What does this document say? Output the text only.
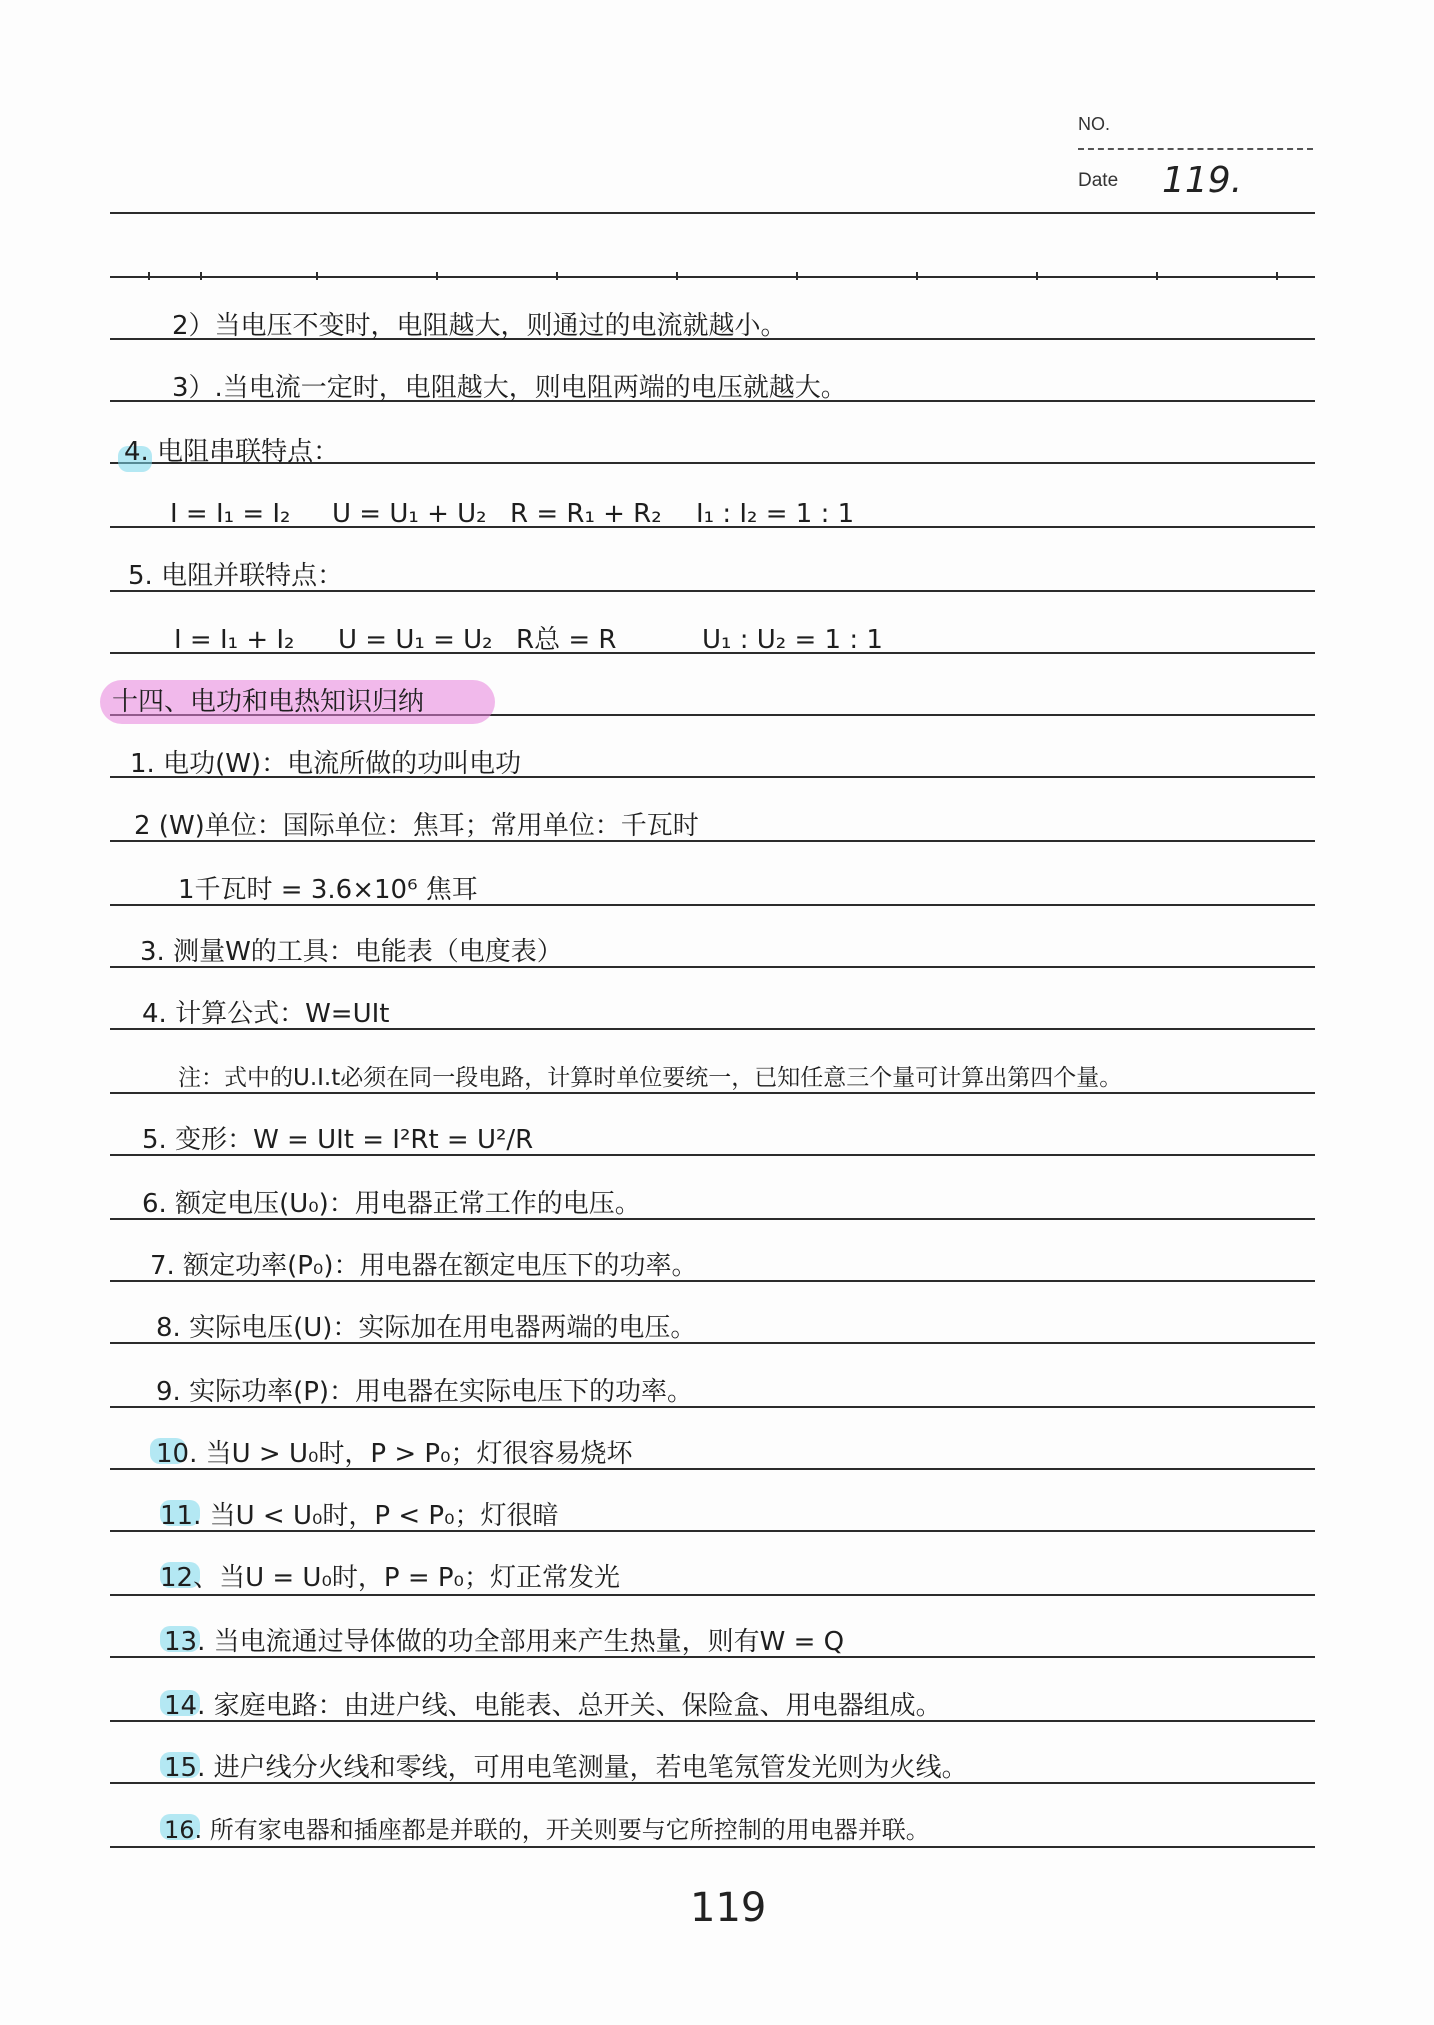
NO.
Date 119.
2）当电压不变时，电阻越大，则通过的电流就越小。
3）.当电流一定时，电阻越大，则电阻两端的电压就越大。
4. 电阻串联特点：
I = I₁ = I₂ U = U₁ + U₂ R = R₁ + R₂ I₁ : I₂ = 1 : 1
5. 电阻并联特点：
I = I₁ + I₂ U = U₁ = U₂ R总 = R	U₁ : U₂ = 1 : 1
十四、电功和电热知识归纳
1. 电功(W)：电流所做的功叫电功
2 (W)单位：国际单位：焦耳；常用单位：千瓦时
1千瓦时 = 3.6×10⁶ 焦耳
3. 测量W的工具：电能表（电度表）
4. 计算公式：W=UIt
注：式中的U.I.t必须在同一段电路，计算时单位要统一，已知任意三个量可计算出第四个量。
5. 变形：W = UIt = I²Rt = U²/R
6. 额定电压(U₀)：用电器正常工作的电压。
7. 额定功率(P₀)：用电器在额定电压下的功率。
8. 实际电压(U)：实际加在用电器两端的电压。
9. 实际功率(P)：用电器在实际电压下的功率。
10. 当U > U₀时，P > P₀；灯很容易烧坏
11. 当U < U₀时，P < P₀；灯很暗
12、当U = U₀时，P = P₀；灯正常发光
13. 当电流通过导体做的功全部用来产生热量，则有W = Q
14. 家庭电路：由进户线、电能表、总开关、保险盒、用电器组成。
15. 进户线分火线和零线，可用电笔测量，若电笔氖管发光则为火线。
16. 所有家电器和插座都是并联的，开关则要与它所控制的用电器并联。
119
